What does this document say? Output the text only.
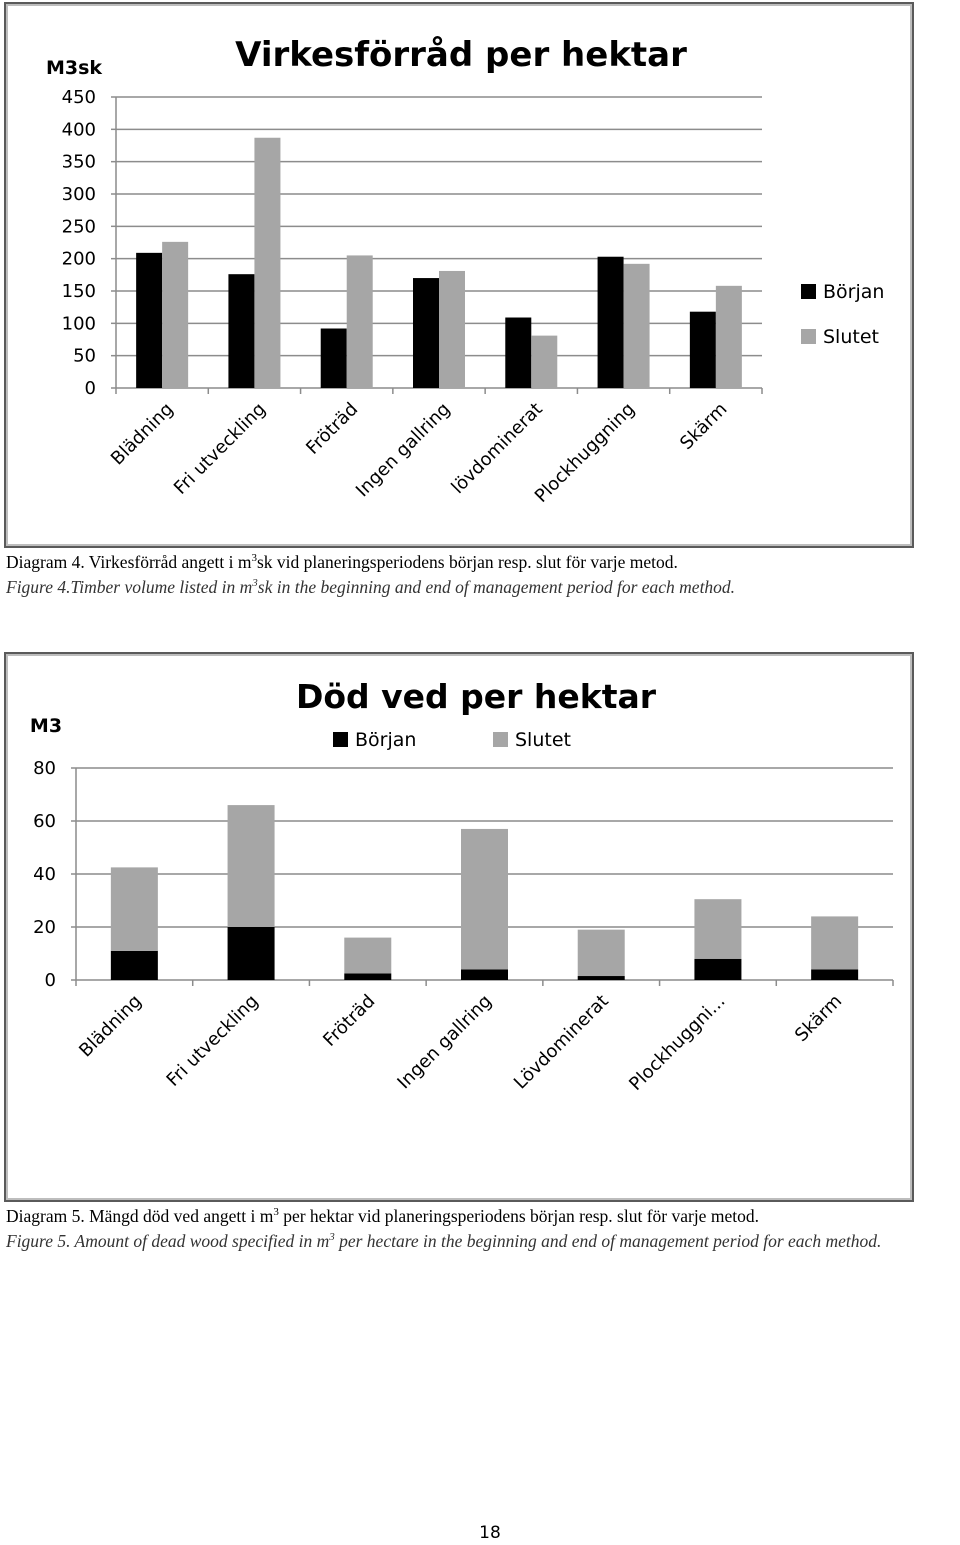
Virkesförråd per hektar
M3sk
0
50
100
150
200
250
300
350
400
450
Blädning
Fri utveckling Fröträd
Ingen gallring
lövdominerat
Plockhuggning Skärm
Början
Slutet

Diagram 4. Virkesförråd angett i $m^3sk$ vid planeringsperiodens början resp. slut för varje metod.

Figure 4.Timber volume listed in $m^3sk$ in the beginning and end of management period for each method.

Död ved per hektar
M3
0
20
40
60
80
Blädning Fri utveckling	Fröträd Ingen gallring Lövdominerat Plockhuggni...	Skärm
Början	Slutet

Diagram 5. Mängd död ved angett i $m^3$ per hektar vid planeringsperiodens början resp. slut för varje metod.

Figure 5. Amount of dead wood specified in $m^3$ per hectare in the beginning and end of management period for each method.

18
